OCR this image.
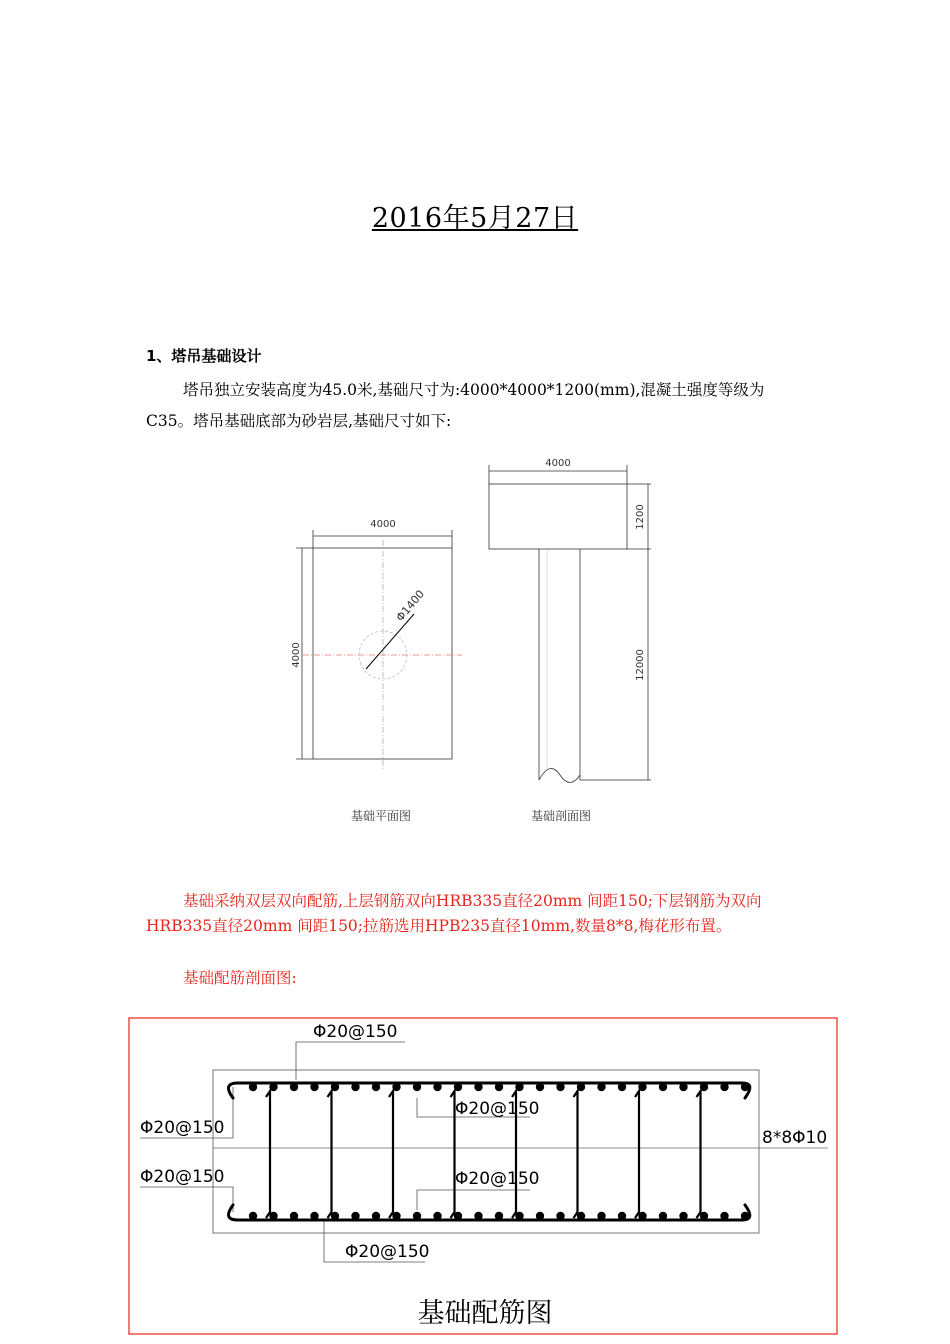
2016年5月27日
1、塔吊基础设计
塔吊独立安装高度为45.0米,基础尺寸为:4000*4000*1200(mm),混凝土强度等级为C35。塔吊基础底部为砂岩层,基础尺寸如下:
4000
4000
Φ1400
基础平面图
4000
1200
12000
基础剖面图
基础采纳双层双向配筋,上层钢筋双向HRB335直径20mm 间距150;下层钢筋为双向HRB335直径20mm 间距150;拉筋选用HPB235直径10mm,数量8*8,梅花形布置。
基础配筋剖面图:
Φ20@150
Φ20@150
Φ20@150
Φ20@150
Φ20@150
Φ20@150
8*8Φ10
基础配筋图
